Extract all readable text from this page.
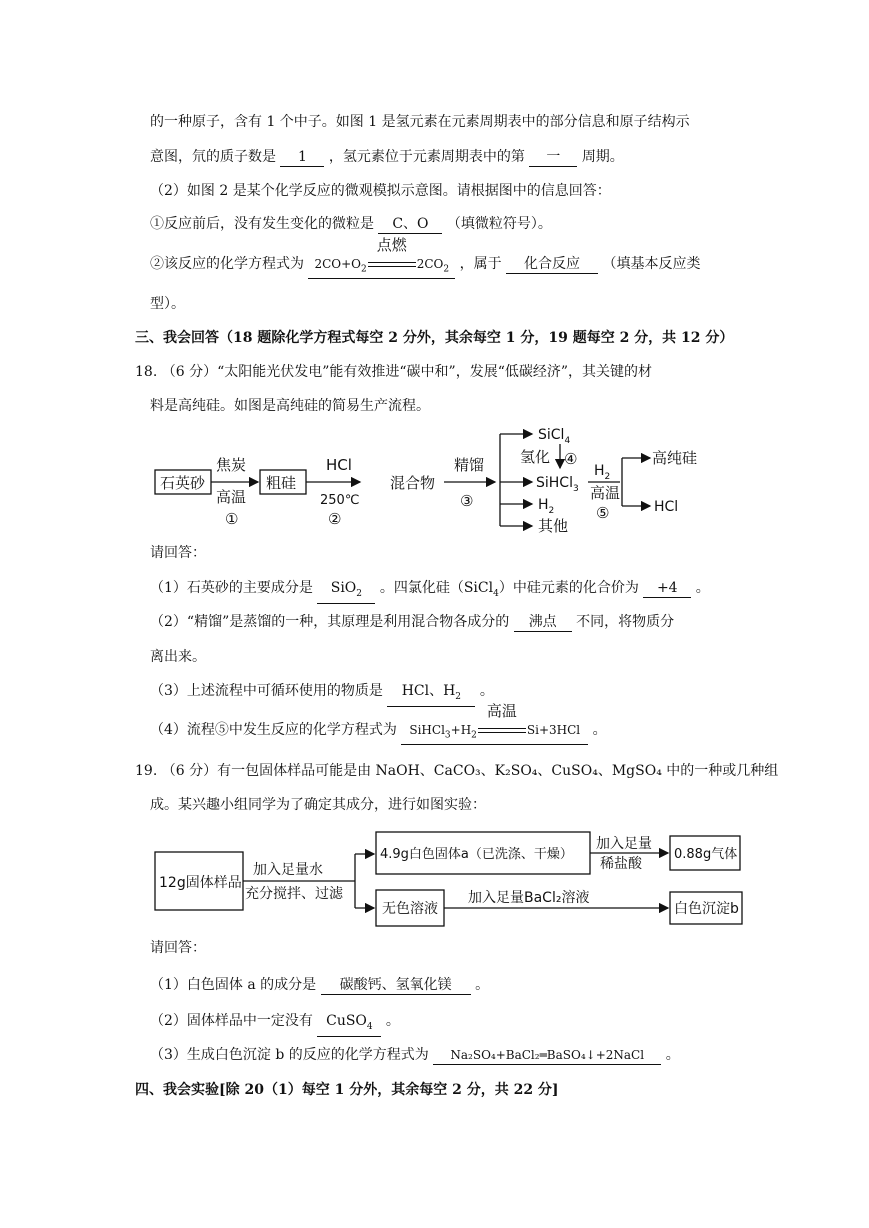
的一种原子，含有 1 个中子。如图 1 是氢元素在元素周期表中的部分信息和原子结构示
意图，氘的质子数是 1 ，氢元素位于元素周期表中的第 一 周期。
（2）如图 2 是某个化学反应的微观模拟示意图。请根据图中的信息回答：
①反应前后，没有发生变化的微粒是 C、O （填微粒符号）。
②该反应的化学方程式为 $2CO+O_2$
点燃
$2CO_2$ ，属于 化合反应 （填基本反应类
型）。
三、我会回答（18 题除化学方程式每空 2 分外，其余每空 1 分，19 题每空 2 分，共 12 分）
18. （6 分）“太阳能光伏发电”能有效推进“碳中和”，发展“低碳经济”，其关键的材
料是高纯硅。如图是高纯硅的简易生产流程。
石英砂
焦炭
高温
①
粗硅
HCl
250℃
②
混合物
精馏
③
SiCl$_4$
氢化 ④
SiHCl$_3$
$H_2$
其他
$H_2$
高温
⑤
高纯硅
HCl
请回答：
（1）石英砂的主要成分是 SiO$_2$ 。四氯化硅（SiCl$_4$）中硅元素的化合价为 +4 。
（2）“精馏”是蒸馏的一种，其原理是利用混合物各成分的 沸点 不同，将物质分
离出来。
（3）上述流程中可循环使用的物质是 HCl、$H_2$ 。
（4）流程⑤中发生反应的化学方程式为 $SiHCl_3+H_2$
高温
Si+3HCl 。
19. （6 分）有一包固体样品可能是由 NaOH、CaCO₃、K₂SO₄、CuSO₄、MgSO₄ 中的一种或几种组
成。某兴趣小组同学为了确定其成分，进行如图实验：
12g固体样品
加入足量水
充分搅拌、过滤
4.9g白色固体a（已洗涤、干燥）
加入足量
稀盐酸
0.88g气体
无色溶液
加入足量BaCl₂溶液
白色沉淀b
请回答：
（1）白色固体 a 的成分是 碳酸钙、氢氧化镁 。
（2）固体样品中一定没有 CuSO$_4$ 。
（3）生成白色沉淀 b 的反应的化学方程式为 Na₂SO₄+BaCl₂═BaSO₄↓+2NaCl 。
四、我会实验[除 20（1）每空 1 分外，其余每空 2 分，共 22 分]
